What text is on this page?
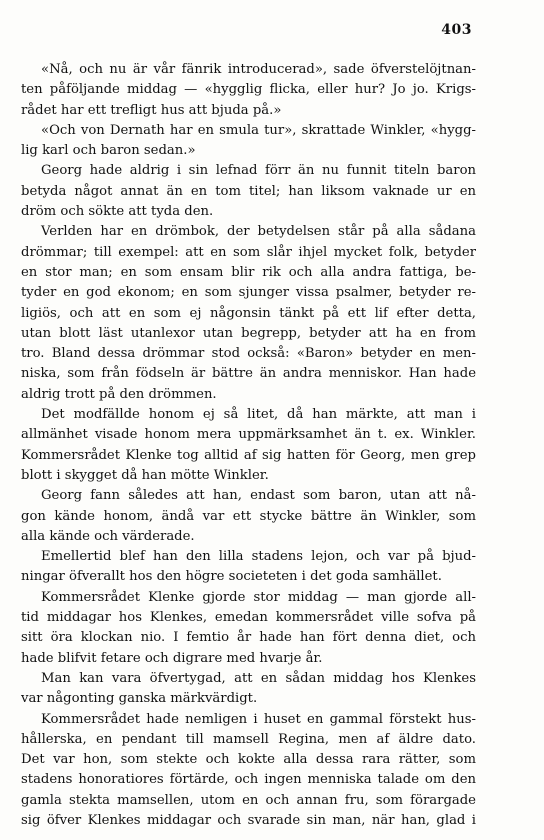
403
«Nå, och nu är vår fänrik introducerad», sade öfverstelöjtnan-
ten påföljande middag — «hygglig flicka, eller hur? Jo jo. Krigs-
rådet har ett trefligt hus att bjuda på.»
«Och von Dernath har en smula tur», skrattade Winkler, «hygg-
lig karl och baron sedan.»
Georg hade aldrig i sin lefnad förr än nu funnit titeln baron
betyda något annat än en tom titel; han liksom vaknade ur en
dröm och sökte att tyda den.
Verlden har en drömbok, der betydelsen står på alla sådana
drömmar; till exempel: att en som slår ihjel mycket folk, betyder
en stor man; en som ensam blir rik och alla andra fattiga, be-
tyder en god ekonom; en som sjunger vissa psalmer, betyder re-
ligiös, och att en som ej någonsin tänkt på ett lif efter detta,
utan blott läst utanlexor utan begrepp, betyder att ha en from
tro. Bland dessa drömmar stod också: «Baron» betyder en men-
niska, som från födseln är bättre än andra menniskor. Han hade
aldrig trott på den drömmen.
Det modfällde honom ej så litet, då han märkte, att man i
allmänhet visade honom mera uppmärksamhet än t. ex. Winkler.
Kommersrådet Klenke tog alltid af sig hatten för Georg, men grep
blott i skygget då han mötte Winkler.
Georg fann således att han, endast som baron, utan att nå-
gon kände honom, ändå var ett stycke bättre än Winkler, som
alla kände och värderade.
Emellertid blef han den lilla stadens lejon, och var på bjud-
ningar öfverallt hos den högre societeten i det goda samhället.
Kommersrådet Klenke gjorde stor middag — man gjorde all-
tid middagar hos Klenkes, emedan kommersrådet ville sofva på
sitt öra klockan nio. I femtio år hade han fört denna diet, och
hade blifvit fetare och digrare med hvarje år.
Man kan vara öfvertygad, att en sådan middag hos Klenkes
var någonting ganska märkvärdigt.
Kommersrådet hade nemligen i huset en gammal förstekt hus-
hållerska, en pendant till mamsell Regina, men af äldre dato.
Det var hon, som stekte och kokte alla dessa rara rätter, som
stadens honoratiores förtärde, och ingen menniska talade om den
gamla stekta mamsellen, utom en och annan fru, som förargade
sig öfver Klenkes middagar och svarade sin man, när han, glad i
